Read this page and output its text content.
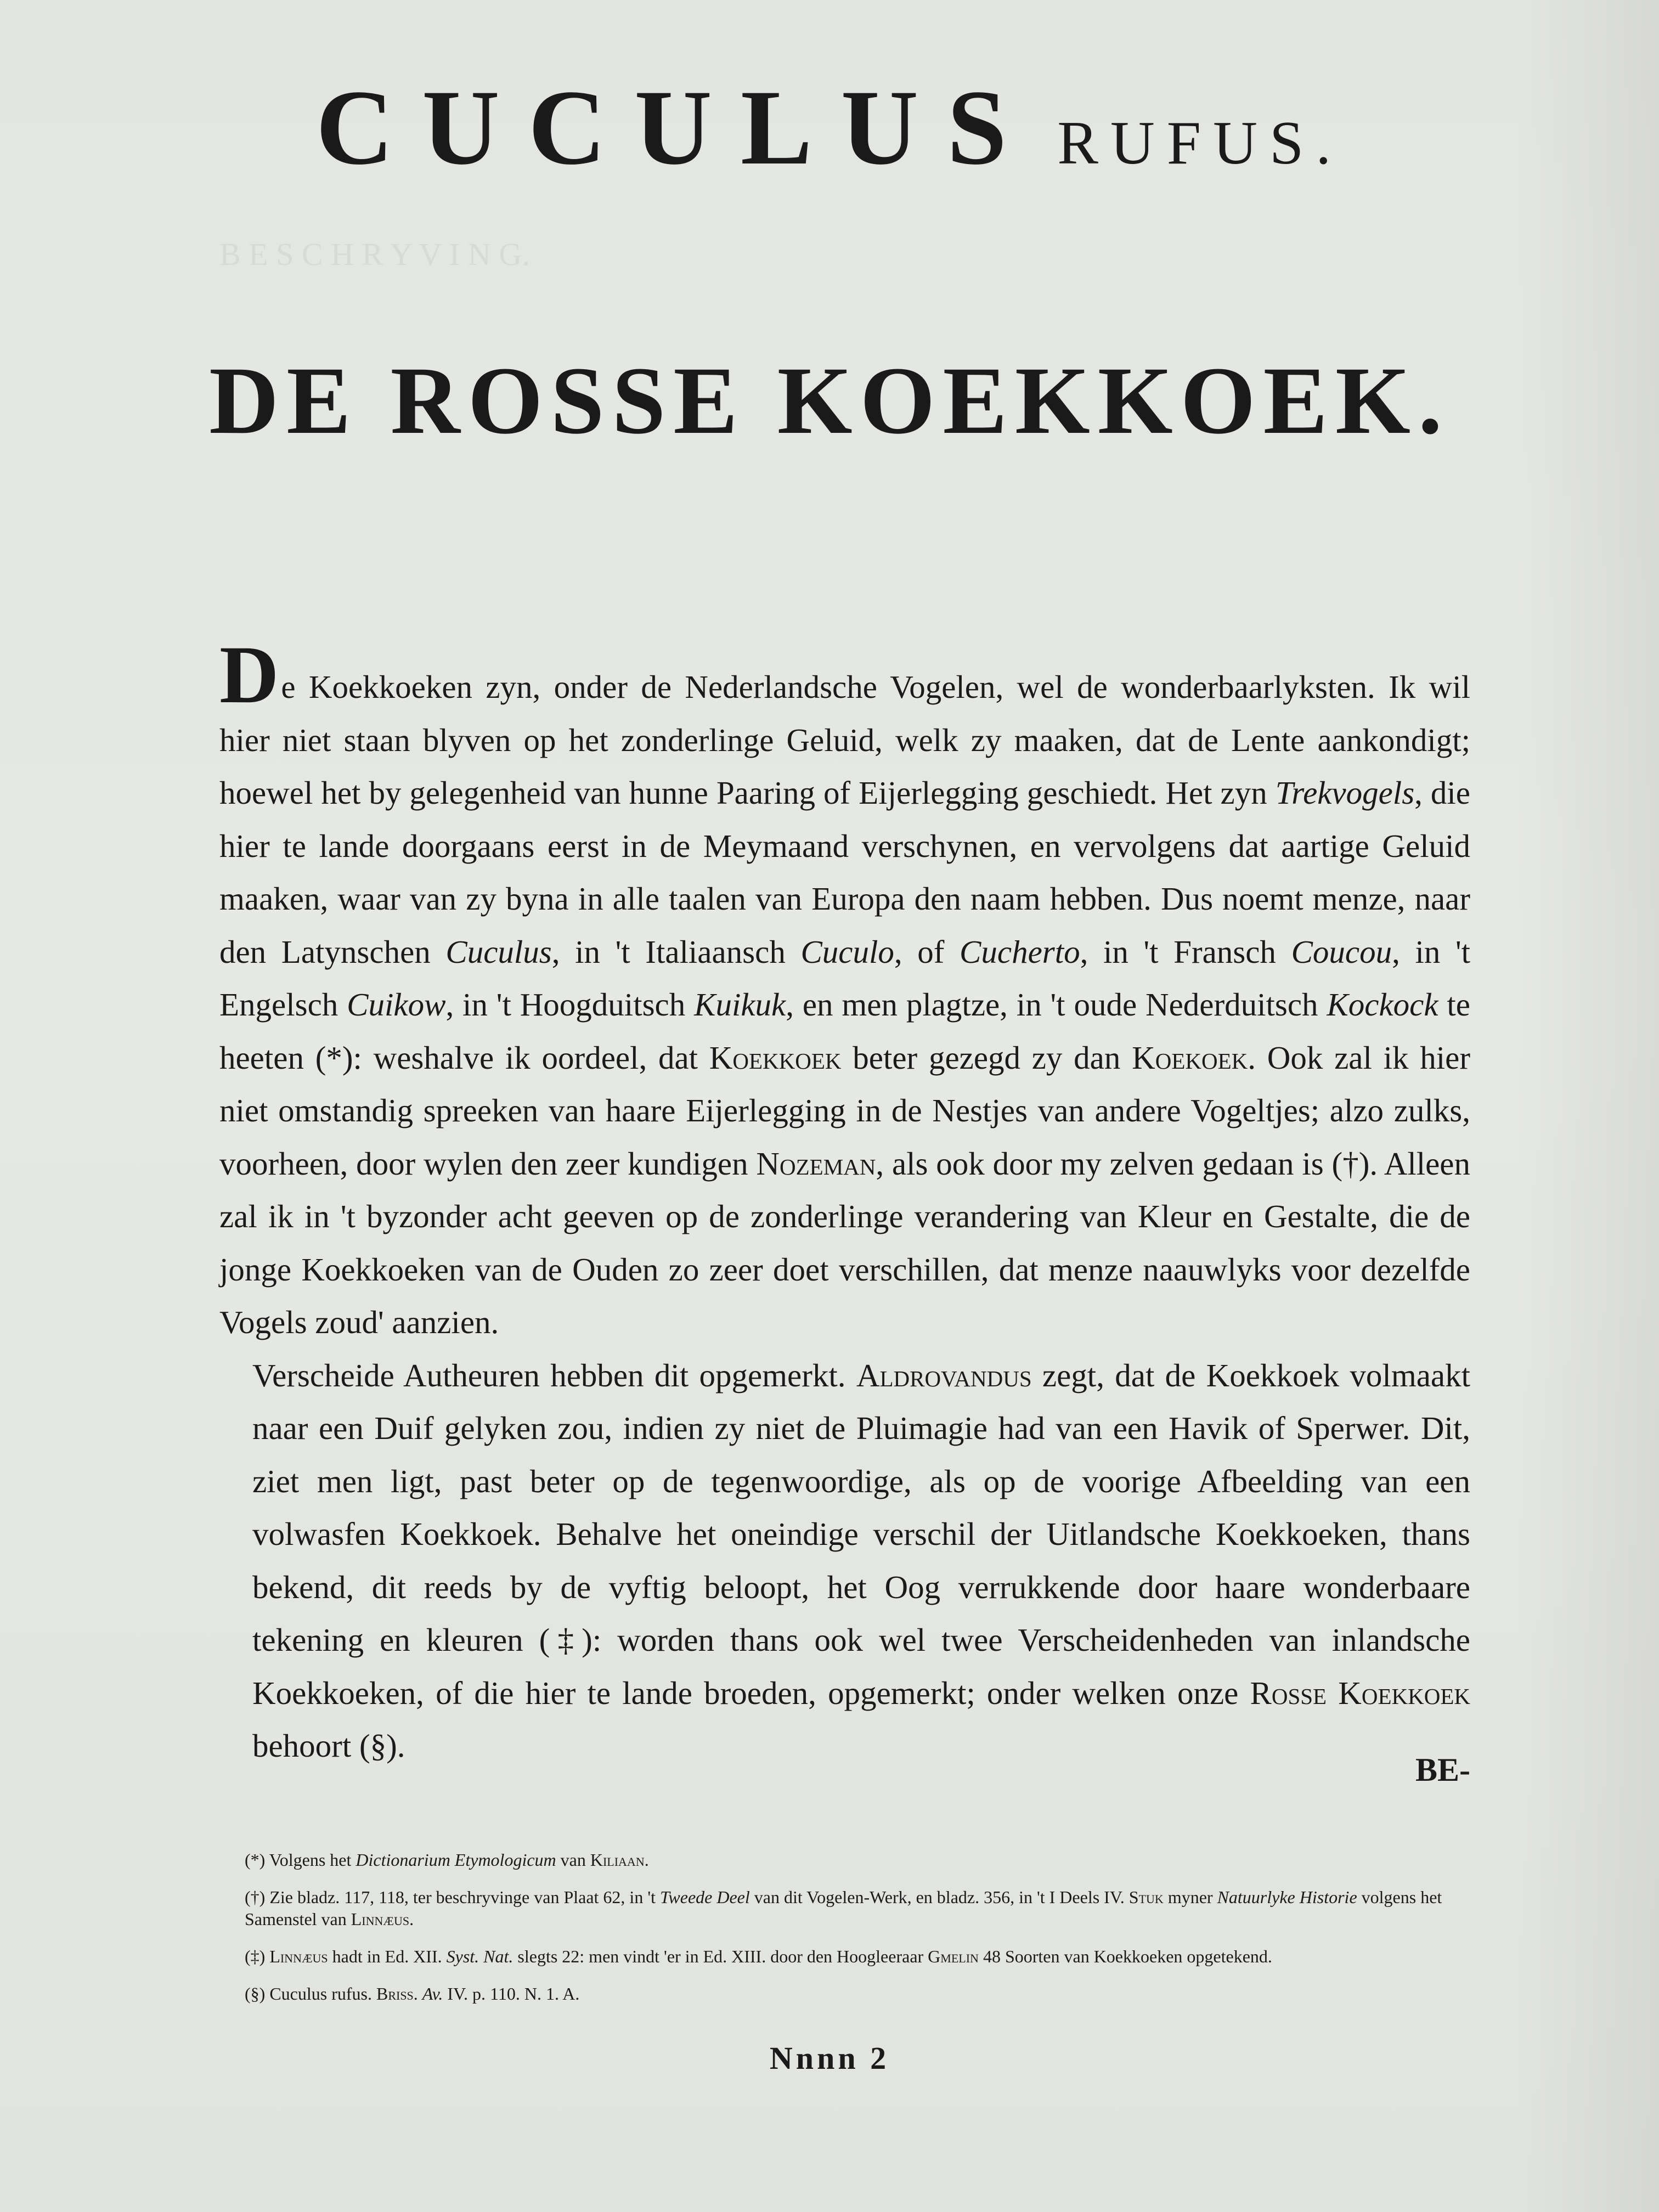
B E S C H R Y V I N G.
CUCULUS RUFUS.
DE ROSSE KOEKKOEK.

De Koekkoeken zyn, onder de Nederlandsche Vogelen, wel de wonderbaarlyksten. Ik wil hier niet staan blyven op het zonderlinge Geluid, welk zy maaken, dat de Lente aankondigt; hoewel het by gelegenheid van hunne Paaring of Eijerlegging geschiedt. Het zyn Trekvogels, die hier te lande doorgaans eerst in de Meymaand verschynen, en vervolgens dat aartige Geluid maaken, waar van zy byna in alle taalen van Europa den naam hebben. Dus noemt menze, naar den Latynschen Cuculus, in 't Italiaansch Cuculo, of Cucherto, in 't Fransch Coucou, in 't Engelsch Cuikow, in 't Hoogduitsch Kuikuk, en men plagtze, in 't oude Nederduitsch Kockock te heeten (*): weshalve ik oordeel, dat Koekkoek beter gezegd zy dan Koekoek. Ook zal ik hier niet omstandig spreeken van haare Eijerlegging in de Nestjes van andere Vogeltjes; alzo zulks, voorheen, door wylen den zeer kundigen Nozeman, als ook door my zelven gedaan is (†). Alleen zal ik in 't byzonder acht geeven op de zonderlinge verandering van Kleur en Gestalte, die de jonge Koekkoeken van de Ouden zo zeer doet verschillen, dat menze naauwlyks voor dezelfde Vogels zoud' aanzien.

Verscheide Autheuren hebben dit opgemerkt. Aldrovandus zegt, dat de Koekkoek volmaakt naar een Duif gelyken zou, indien zy niet de Pluimagie had van een Havik of Sperwer. Dit, ziet men ligt, past beter op de tegenwoordige, als op de voorige Afbeelding van een volwasfen Koekkoek. Behalve het oneindige verschil der Uitlandsche Koekkoeken, thans bekend, dit reeds by de vyftig beloopt, het Oog verrukkende door haare wonderbaare tekening en kleuren (‡): worden thans ook wel twee Verscheidenheden van inlandsche Koekkoeken, of die hier te lande broeden, opgemerkt; onder welken onze Rosse Koekkoek behoort (§).

BE-

(*) Volgens het Dictionarium Etymologicum van Kiliaan.

(†) Zie bladz. 117, 118, ter beschryvinge van Plaat 62, in 't Tweede Deel van dit Vogelen-Werk, en bladz. 356, in 't I Deels IV. Stuk myner Natuurlyke Historie volgens het Samenstel van Linnæus.

(‡) Linnæus hadt in Ed. XII. Syst. Nat. slegts 22: men vindt 'er in Ed. XIII. door den Hoogleeraar Gmelin 48 Soorten van Koekkoeken opgetekend.

(§) Cuculus rufus. Briss. Av. IV. p. 110. N. 1. A.

Nnnn 2
